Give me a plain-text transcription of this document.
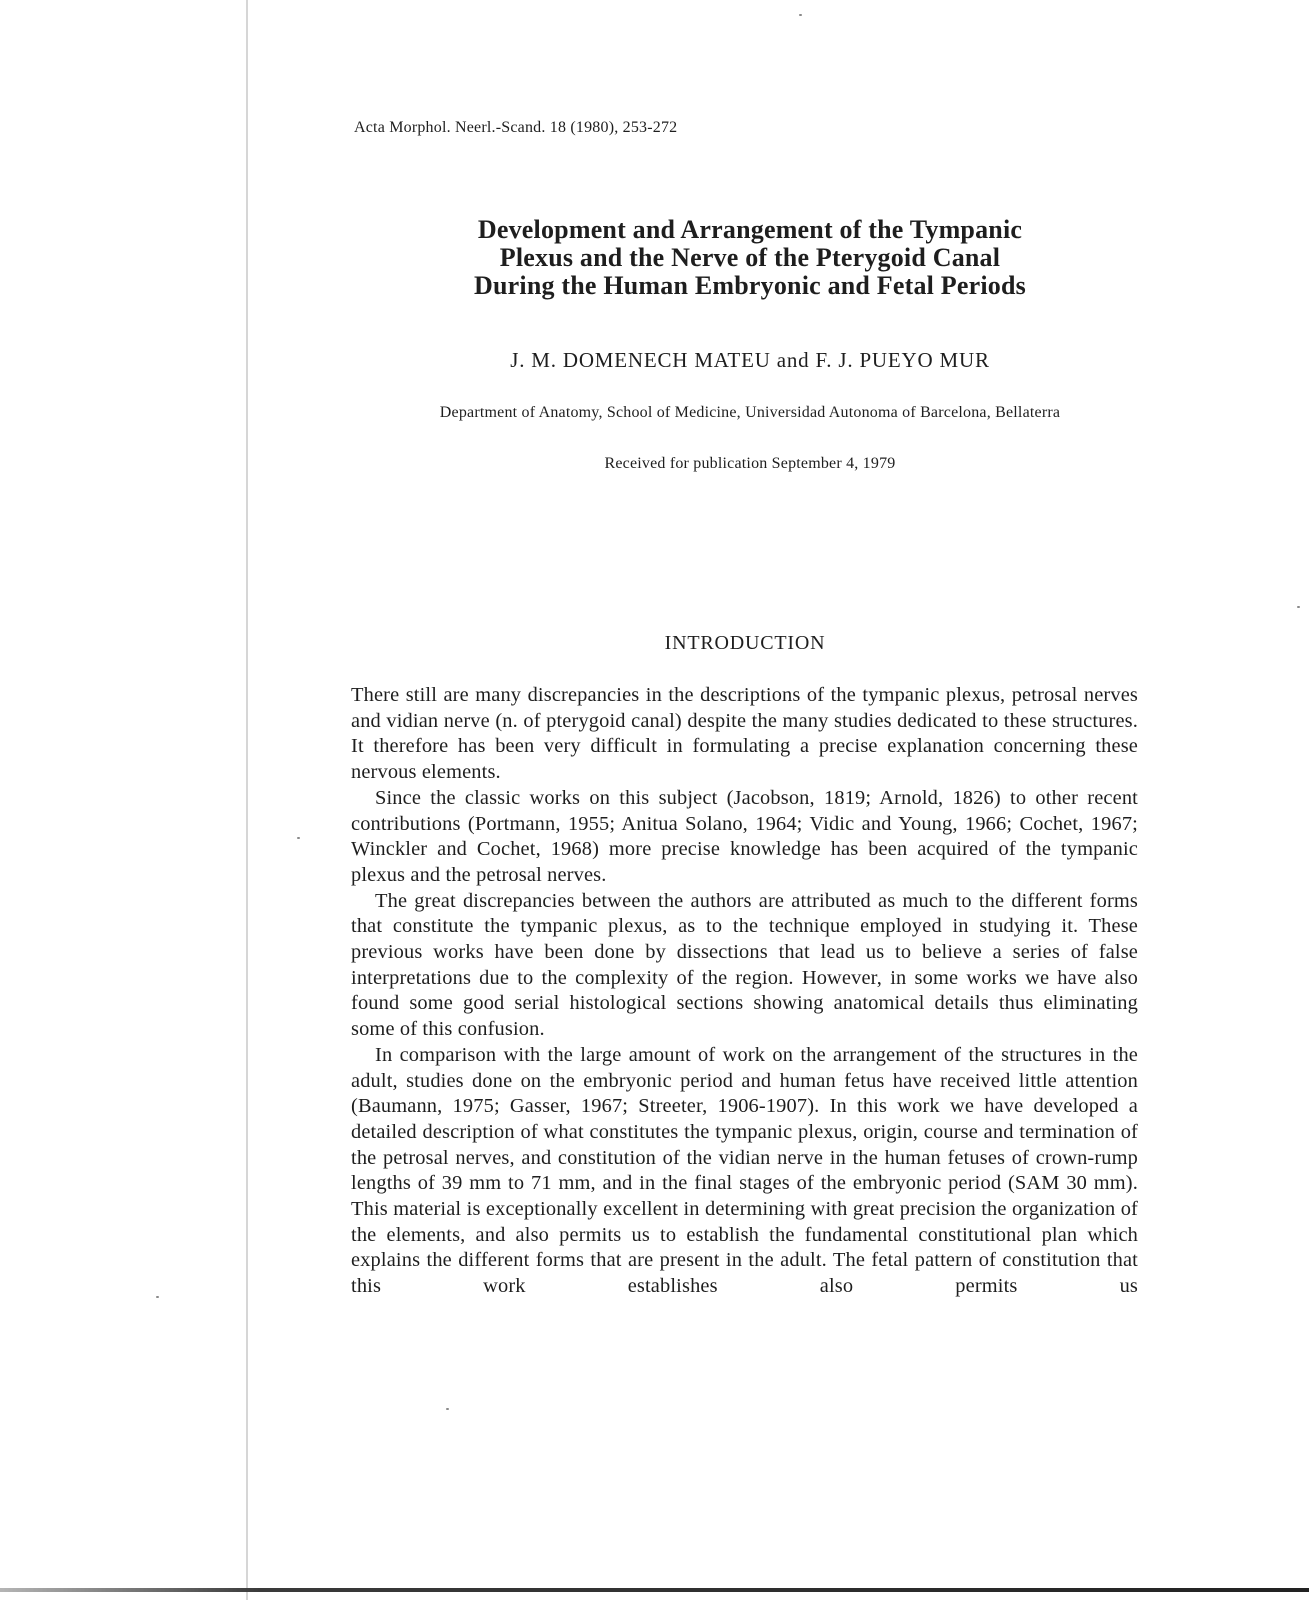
Acta Morphol. Neerl.-Scand. 18 (1980), 253-272
Development and Arrangement of the Tympanic
Plexus and the Nerve of the Pterygoid Canal
During the Human Embryonic and Fetal Periods
J. M. DOMENECH MATEU and F. J. PUEYO MUR
Department of Anatomy, School of Medicine, Universidad Autonoma of Barcelona, Bellaterra
Received for publication September 4, 1979
INTRODUCTION

There still are many discrepancies in the descriptions of the tympanic plexus, petrosal nerves and vidian nerve (n. of pterygoid canal) despite the many studies dedicated to these structures. It therefore has been very difficult in formulating a precise explanation concerning these nervous elements.

Since the classic works on this subject (Jacobson, 1819; Arnold, 1826) to other recent contributions (Portmann, 1955; Anitua Solano, 1964; Vidic and Young, 1966; Cochet, 1967; Winckler and Cochet, 1968) more precise knowledge has been acquired of the tympanic plexus and the petrosal nerves.

The great discrepancies between the authors are attributed as much to the different forms that constitute the tympanic plexus, as to the technique employed in studying it. These previous works have been done by dissections that lead us to believe a series of false interpretations due to the complexity of the region. However, in some works we have also found some good serial histological sections showing anatomical details thus eliminating some of this confusion.

In comparison with the large amount of work on the arrangement of the structures in the adult, studies done on the embryonic period and human fetus have received little attention (Baumann, 1975; Gasser, 1967; Streeter, 1906-1907). In this work we have developed a detailed description of what constitutes the tympanic plexus, origin, course and termination of the petrosal nerves, and constitution of the vidian nerve in the human fetuses of crown-rump lengths of 39 mm to 71 mm, and in the final stages of the embryonic period (SAM 30 mm). This material is exceptionally excellent in determining with great precision the organization of the elements, and also permits us to establish the fundamental constitutional plan which explains the different forms that are present in the adult. The fetal pattern of constitution that this work establishes also permits us
